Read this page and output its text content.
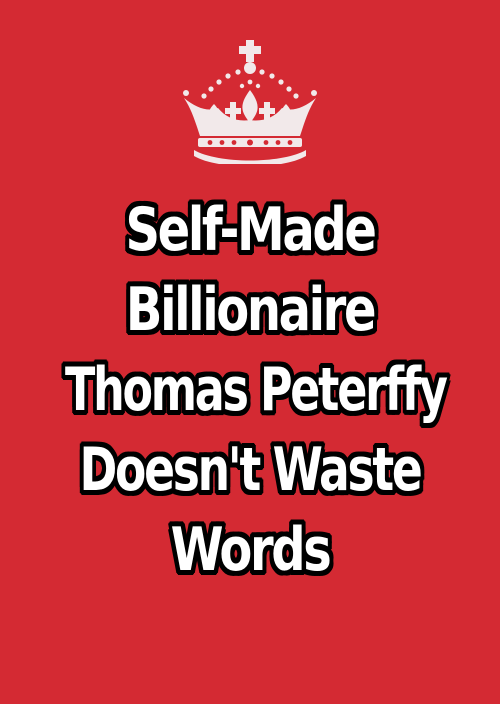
Self-Made
Billionaire
Thomas Peterffy
Doesn't Waste
Words
